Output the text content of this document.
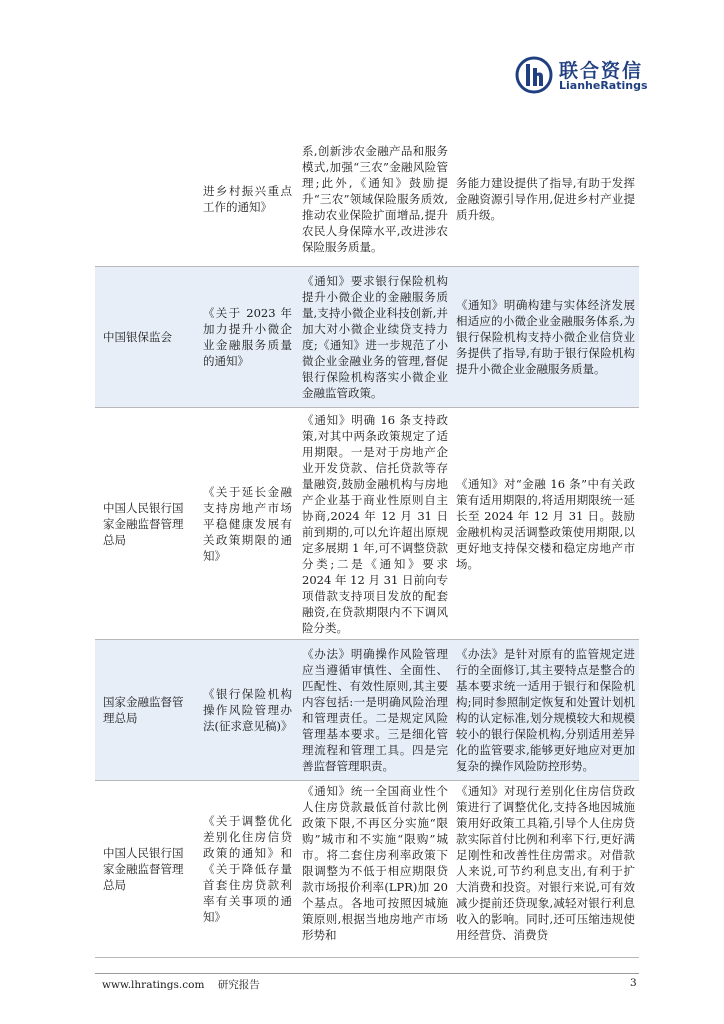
联合资信
LianheRatings
	进乡村振兴重点工作的通知》	系,创新涉农金融产品和服务模式,加强“三农”金融风险管理;此外,《通知》鼓励提升“三农”领域保险服务质效,推动农业保险扩面增品,提升农民人身保障水平,改进涉农保险服务质量。	务能力建设提供了指导,有助于发挥金融资源引导作用,促进乡村产业提质升级。
中国银保监会	《关于 2023 年加力提升小微企业金融服务质量的通知》	《通知》要求银行保险机构提升小微企业的金融服务质量,支持小微企业科技创新,并加大对小微企业续贷支持力度;《通知》进一步规范了小微企业金融业务的管理,督促银行保险机构落实小微企业金融监管政策。	《通知》明确构建与实体经济发展相适应的小微企业金融服务体系,为银行保险机构支持小微企业信贷业务提供了指导,有助于银行保险机构提升小微企业金融服务质量。
中国人民银行国家金融监督管理总局	《关于延长金融支持房地产市场平稳健康发展有关政策期限的通知》	《通知》明确 16 条支持政策,对其中两条政策规定了适用期限。一是对于房地产企业开发贷款、信托贷款等存量融资,鼓励金融机构与房地产企业基于商业性原则自主协商,2024 年 12 月 31 日前到期的,可以允许超出原规定多展期 1 年,可不调整贷款分类;二是《通知》要求 2024 年 12 月 31 日前向专项借款支持项目发放的配套融资,在贷款期限内不下调风险分类。	《通知》对“金融 16 条”中有关政策有适用期限的,将适用期限统一延长至 2024 年 12 月 31 日。鼓励金融机构灵活调整政策使用期限,以更好地支持保交楼和稳定房地产市场。
国家金融监督管理总局	《银行保险机构操作风险管理办法(征求意见稿)》	《办法》明确操作风险管理应当遵循审慎性、全面性、匹配性、有效性原则,其主要内容包括:一是明确风险治理和管理责任。二是规定风险管理基本要求。三是细化管理流程和管理工具。四是完善监督管理职责。	《办法》是针对原有的监管规定进行的全面修订,其主要特点是整合的基本要求统一适用于银行和保险机构;同时参照制定恢复和处置计划机构的认定标准,划分规模较大和规模较小的银行保险机构,分别适用差异化的监管要求,能够更好地应对更加复杂的操作风险防控形势。
中国人民银行国家金融监督管理总局	《关于调整优化差别化住房信贷政策的通知》和《关于降低存量首套住房贷款利率有关事项的通知》	《通知》统一全国商业性个人住房贷款最低首付款比例政策下限,不再区分实施“限购”城市和不实施“限购”城市。将二套住房利率政策下限调整为不低于相应期限贷款市场报价利率(LPR)加 20 个基点。各地可按照因城施策原则,根据当地房地产市场形势和	《通知》对现行差别化住房信贷政策进行了调整优化,支持各地因城施策用好政策工具箱,引导个人住房贷款实际首付比例和利率下行,更好满足刚性和改善性住房需求。对借款人来说,可节约利息支出,有利于扩大消费和投资。对银行来说,可有效减少提前还贷现象,减轻对银行利息收入的影响。同时,还可压缩违规使用经营贷、消费贷
www.lhratings.com 研究报告	3
